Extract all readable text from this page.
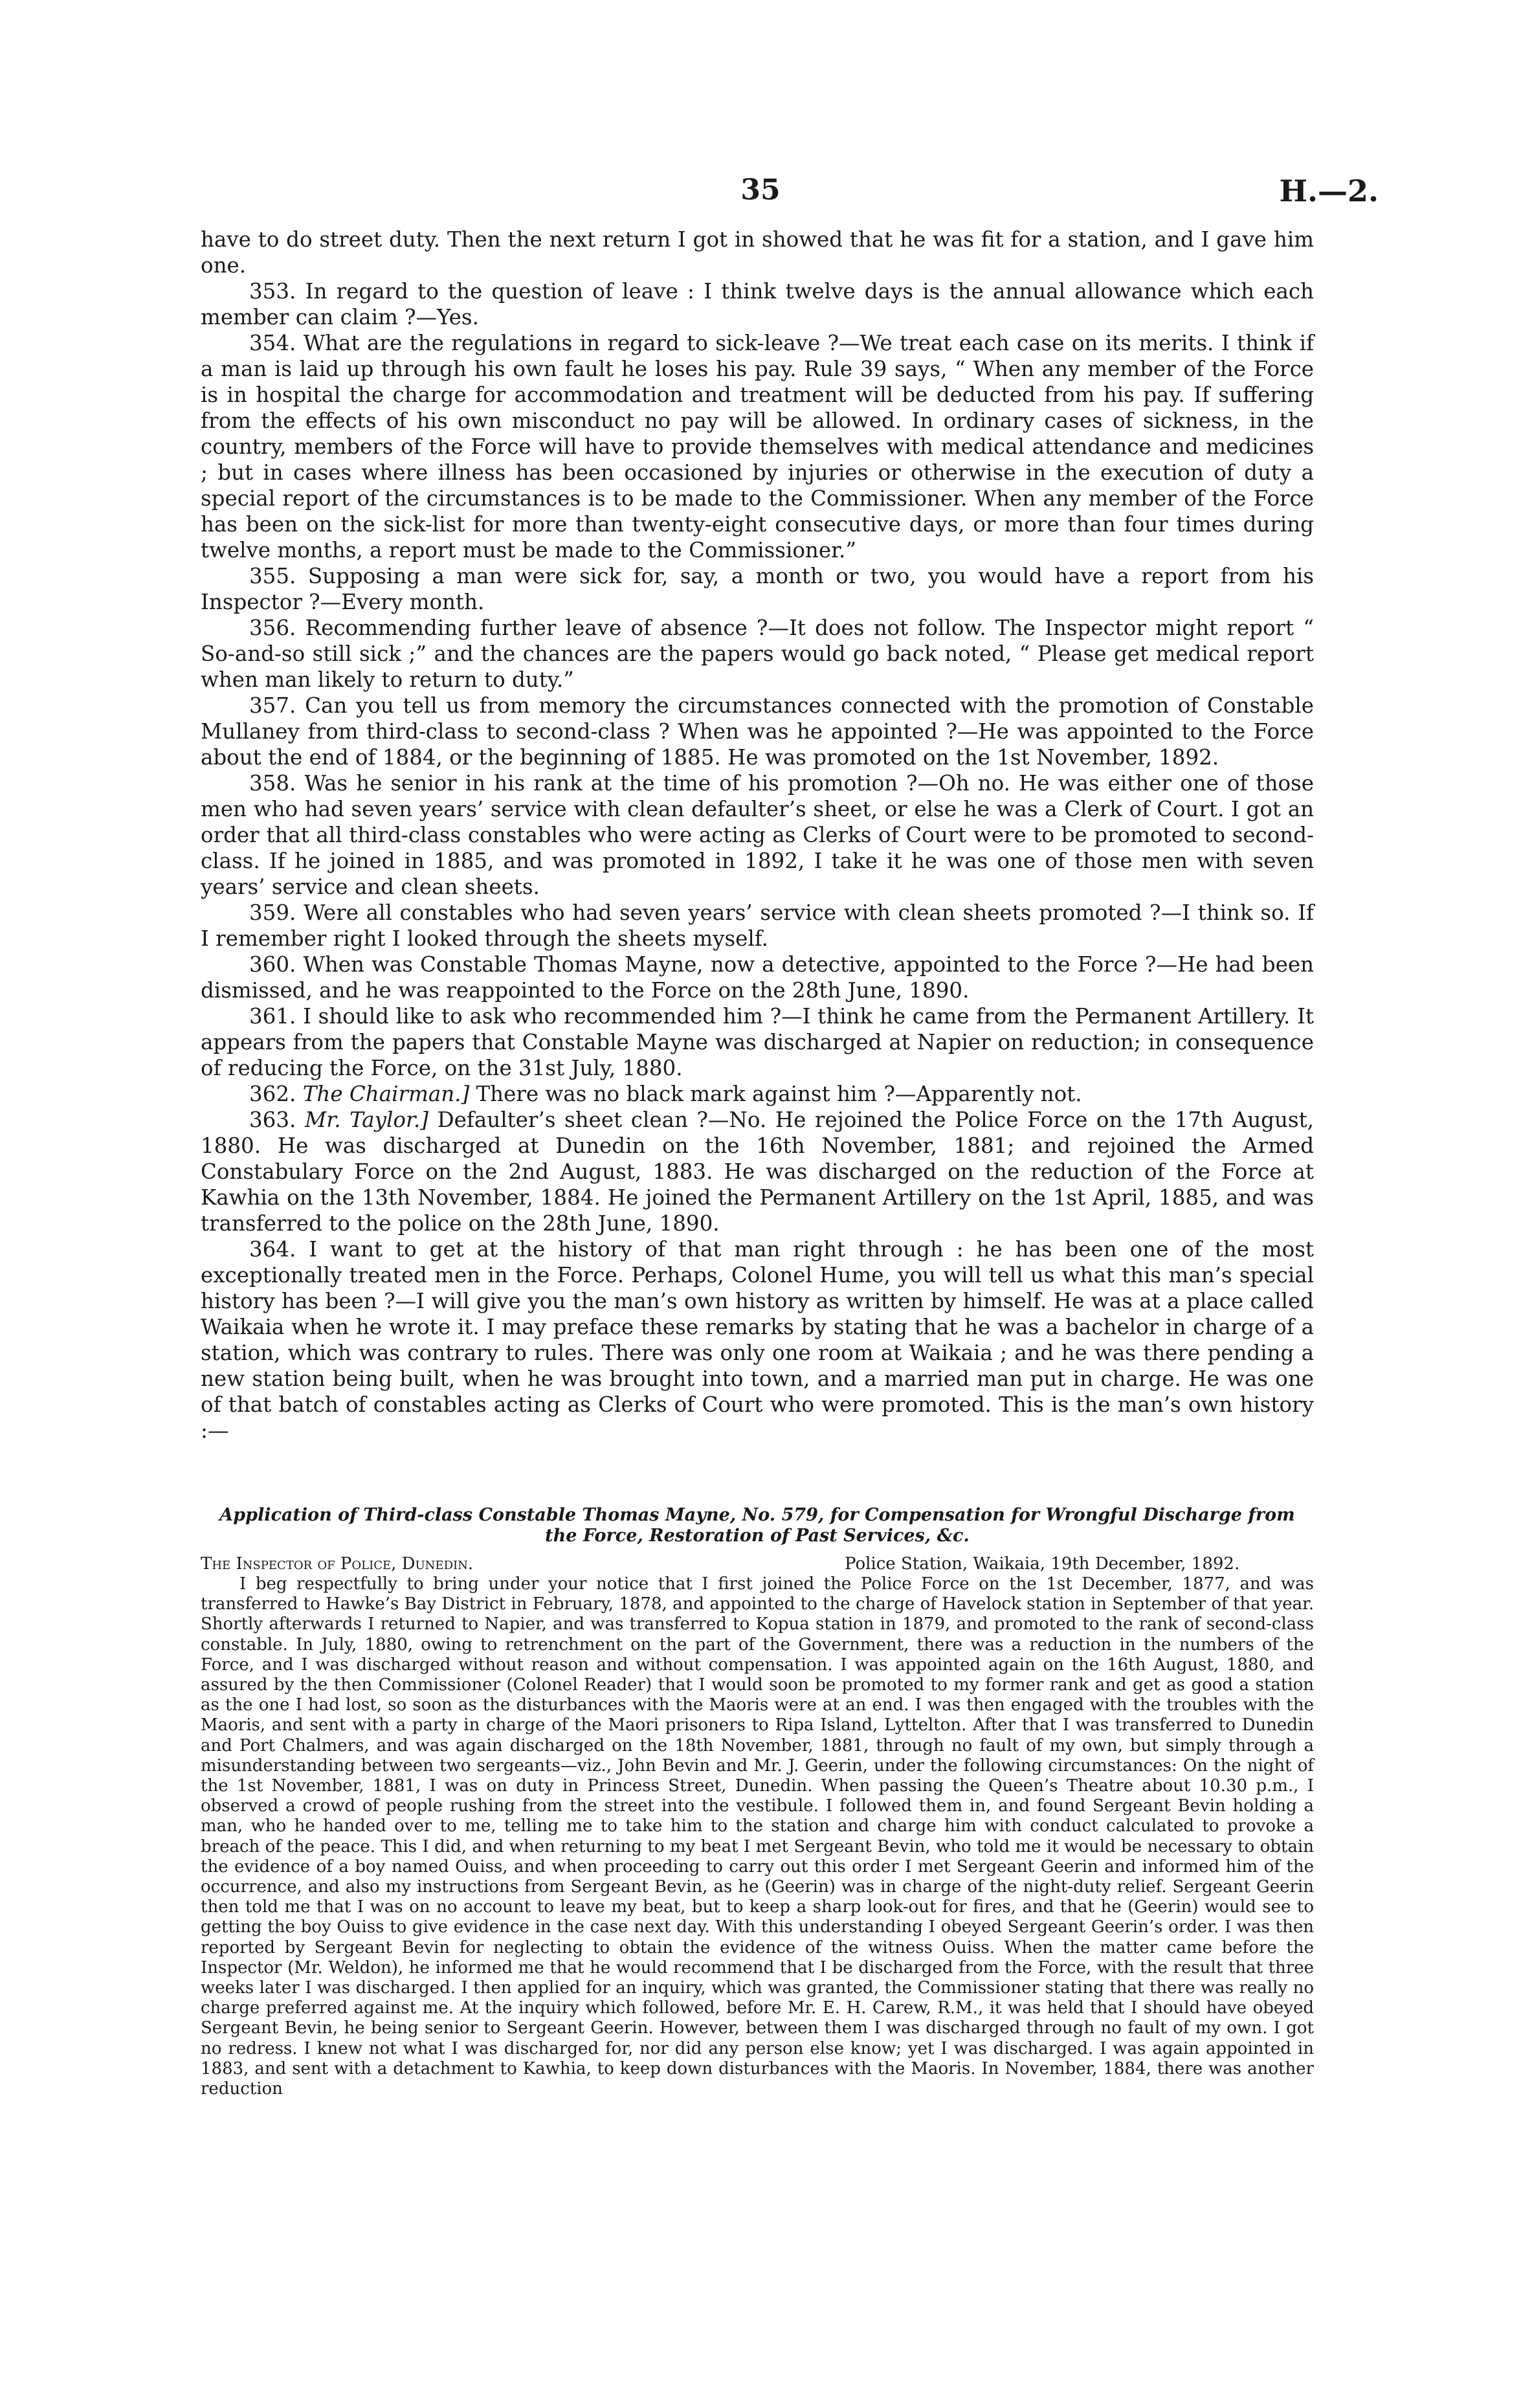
35	H.—2.

have to do street duty. Then the next return I got in showed that he was fit for a station, and I gave him one.

353. In regard to the question of leave : I think twelve days is the annual allowance which each member can claim ?—Yes.

354. What are the regulations in regard to sick-leave ?—We treat each case on its merits. I think if a man is laid up through his own fault he loses his pay. Rule 39 says, “ When any member of the Force is in hospital the charge for accommodation and treatment will be deducted from his pay. If suffering from the effects of his own misconduct no pay will be allowed. In ordinary cases of sickness, in the country, members of the Force will have to provide themselves with medical attendance and medicines ; but in cases where illness has been occasioned by injuries or otherwise in the execution of duty a special report of the circumstances is to be made to the Commissioner. When any member of the Force has been on the sick-list for more than twenty-eight consecutive days, or more than four times during twelve months, a report must be made to the Commissioner.”

355. Supposing a man were sick for, say, a month or two, you would have a report from his Inspector ?—Every month.

356. Recommending further leave of absence ?—It does not follow. The Inspector might report “ So-and-so still sick ;” and the chances are the papers would go back noted, “ Please get medical report when man likely to return to duty.”

357. Can you tell us from memory the circumstances connected with the promotion of Constable Mullaney from third-class to second-class ? When was he appointed ?—He was appointed to the Force about the end of 1884, or the beginning of 1885. He was promoted on the 1st November, 1892.

358. Was he senior in his rank at the time of his promotion ?—Oh no. He was either one of those men who had seven years’ service with clean defaulter’s sheet, or else he was a Clerk of Court. I got an order that all third-class constables who were acting as Clerks of Court were to be promoted to second-class. If he joined in 1885, and was promoted in 1892, I take it he was one of those men with seven years’ service and clean sheets.

359. Were all constables who had seven years’ service with clean sheets promoted ?—I think so. If I remember right I looked through the sheets myself.

360. When was Constable Thomas Mayne, now a detective, appointed to the Force ?—He had been dismissed, and he was reappointed to the Force on the 28th June, 1890.

361. I should like to ask who recommended him ?—I think he came from the Permanent Artillery. It appears from the papers that Constable Mayne was discharged at Napier on reduction; in consequence of reducing the Force, on the 31st July, 1880.

362. The Chairman.] There was no black mark against him ?—Apparently not.

363. Mr. Taylor.] Defaulter’s sheet clean ?—No. He rejoined the Police Force on the 17th August, 1880. He was discharged at Dunedin on the 16th November, 1881; and rejoined the Armed Constabulary Force on the 2nd August, 1883. He was discharged on the reduction of the Force at Kawhia on the 13th November, 1884. He joined the Permanent Artillery on the 1st April, 1885, and was transferred to the police on the 28th June, 1890.

364. I want to get at the history of that man right through : he has been one of the most exceptionally treated men in the Force. Perhaps, Colonel Hume, you will tell us what this man’s special history has been ?—I will give you the man’s own history as written by himself. He was at a place called Waikaia when he wrote it. I may preface these remarks by stating that he was a bachelor in charge of a station, which was contrary to rules. There was only one room at Waikaia ; and he was there pending a new station being built, when he was brought into town, and a married man put in charge. He was one of that batch of constables acting as Clerks of Court who were promoted. This is the man’s own history :—

Application of Third-class Constable Thomas Mayne, No. 579, for Compensation for Wrongful Discharge from the Force, Restoration of Past Services, &c.

The Inspector of Police, Dunedin.	Police Station, Waikaia, 19th December, 1892.

I beg respectfully to bring under your notice that I first joined the Police Force on the 1st December, 1877, and was transferred to Hawke’s Bay District in February, 1878, and appointed to the charge of Havelock station in September of that year. Shortly afterwards I returned to Napier, and was transferred to Kopua station in 1879, and promoted to the rank of second-class constable. In July, 1880, owing to retrenchment on the part of the Government, there was a reduction in the numbers of the Force, and I was discharged without reason and without compensation. I was appointed again on the 16th August, 1880, and assured by the then Commissioner (Colonel Reader) that I would soon be promoted to my former rank and get as good a station as the one I had lost, so soon as the disturbances with the Maoris were at an end. I was then engaged with the troubles with the Maoris, and sent with a party in charge of the Maori prisoners to Ripa Island, Lyttelton. After that I was transferred to Dunedin and Port Chalmers, and was again discharged on the 18th November, 1881, through no fault of my own, but simply through a misunderstanding between two sergeants—viz., John Bevin and Mr. J. Geerin, under the following circumstances: On the night of the 1st November, 1881, I was on duty in Princess Street, Dunedin. When passing the Queen’s Theatre about 10.30 p.m., I observed a crowd of people rushing from the street into the vestibule. I followed them in, and found Sergeant Bevin holding a man, who he handed over to me, telling me to take him to the station and charge him with conduct calculated to provoke a breach of the peace. This I did, and when returning to my beat I met Sergeant Bevin, who told me it would be necessary to obtain the evidence of a boy named Ouiss, and when proceeding to carry out this order I met Sergeant Geerin and informed him of the occurrence, and also my instructions from Sergeant Bevin, as he (Geerin) was in charge of the night-duty relief. Sergeant Geerin then told me that I was on no account to leave my beat, but to keep a sharp look-out for fires, and that he (Geerin) would see to getting the boy Ouiss to give evidence in the case next day. With this understanding I obeyed Sergeant Geerin’s order. I was then reported by Sergeant Bevin for neglecting to obtain the evidence of the witness Ouiss. When the matter came before the Inspector (Mr. Weldon), he informed me that he would recommend that I be discharged from the Force, with the result that three weeks later I was discharged. I then applied for an inquiry, which was granted, the Commissioner stating that there was really no charge preferred against me. At the inquiry which followed, before Mr. E. H. Carew, R.M., it was held that I should have obeyed Sergeant Bevin, he being senior to Sergeant Geerin. However, between them I was discharged through no fault of my own. I got no redress. I knew not what I was discharged for, nor did any person else know; yet I was discharged. I was again appointed in 1883, and sent with a detachment to Kawhia, to keep down disturbances with the Maoris. In November, 1884, there was another reduction
